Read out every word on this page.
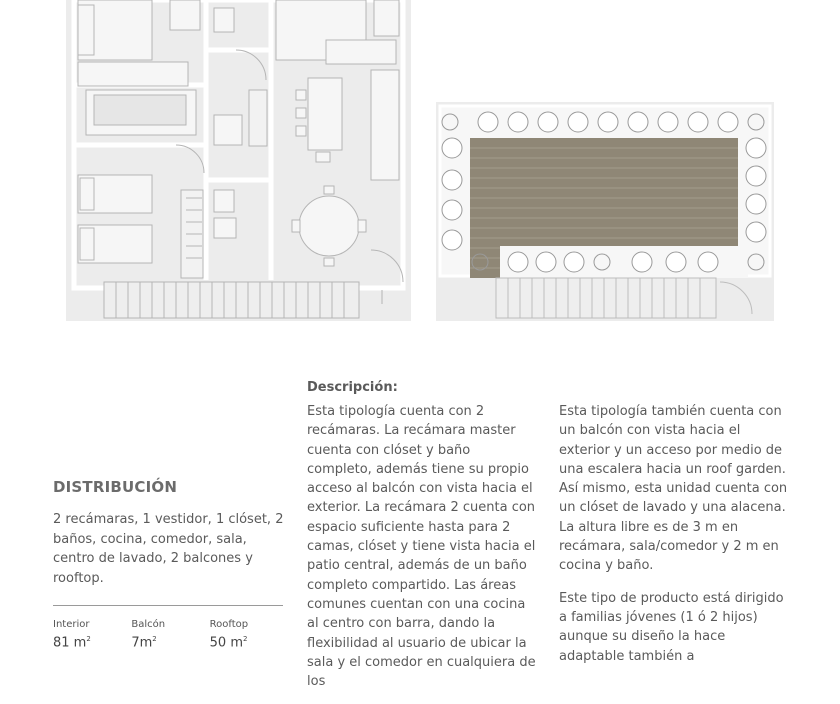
DISTRIBUCIÓN

2 recámaras, 1 vestidor, 1 clóset, 2 baños, cocina, comedor, sala, centro de lavado, 2 balcones y rooftop.

Interior
81 $m^2$
Balcón
$7m^2$
Rooftop
50 $m^2$
Descripción:

Esta tipología cuenta con 2 recámaras. La recámara master cuenta con clóset y baño completo, además tiene su propio acceso al balcón con vista hacia el exterior. La recámara 2 cuenta con espacio suficiente hasta para 2 camas, clóset y tiene vista hacia el patio central, además de un baño completo compartido. Las áreas comunes cuentan con una cocina al centro con barra, dando la flexibilidad al usuario de ubicar la sala y el comedor en cualquiera de los

Esta tipología también cuenta con un balcón con vista hacia el exterior y un acceso por medio de una escalera hacia un roof garden. Así mismo, esta unidad cuenta con un clóset de lavado y una alacena. La altura libre es de 3 m en recámara, sala/comedor y 2 m en cocina y baño.

Este tipo de producto está dirigido a familias jóvenes (1 ó 2 hijos) aunque su diseño la hace adaptable también a
